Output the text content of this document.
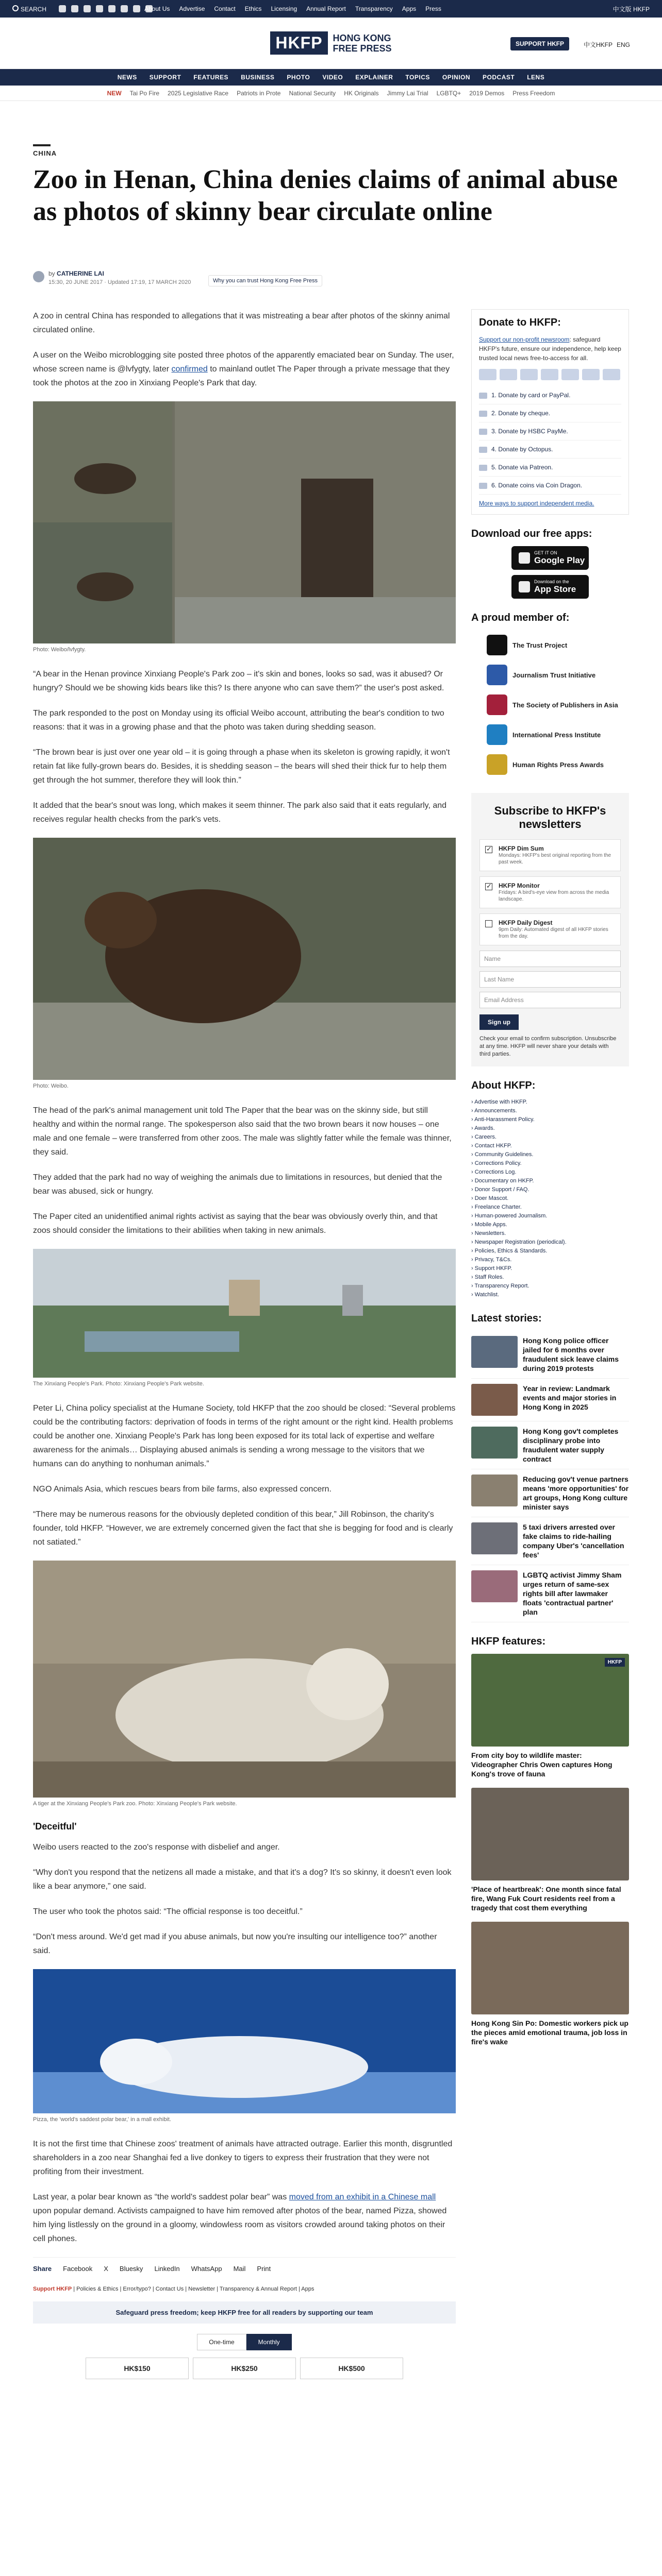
SEARCH	About Us Advertise Contact Ethics Licensing Annual Report Transparency Apps Press	中文版 HKFP
HKFP	HONG KONG
FREE PRESS	SUPPORT HKFP	中文HKFP ENG
NEWS SUPPORT FEATURES BUSINESS PHOTO VIDEO EXPLAINER TOPICS OPINION PODCAST LENS
NEW Tai Po Fire 2025 Legislative Race Patriots in Prote National Security HK Originals Jimmy Lai Trial LGBTQ+ 2019 Demos Press Freedom
CHINA
Zoo in Henan, China denies claims of animal abuse as photos of skinny bear circulate online
by CATHERINE LAI
15:30, 20 JUNE 2017 · Updated 17:19, 17 MARCH 2020	Why you can trust Hong Kong Free Press

A zoo in central China has responded to allegations that it was mistreating a bear after photos of the skinny animal circulated online.

A user on the Weibo microblogging site posted three photos of the apparently emaciated bear on Sunday. The user, whose screen name is @lvfygty, later confirmed to mainland outlet The Paper through a private message that they took the photos at the zoo in Xinxiang People's Park that day.

Photo: Weibo/lvfygty.

“A bear in the Henan province Xinxiang People's Park zoo – it's skin and bones, looks so sad, was it abused? Or hungry? Should we be showing kids bears like this? Is there anyone who can save them?” the user's post asked.

The park responded to the post on Monday using its official Weibo account, attributing the bear's condition to two reasons: that it was in a growing phase and that the photo was taken during shedding season.

“The brown bear is just over one year old – it is going through a phase when its skeleton is growing rapidly, it won't retain fat like fully-grown bears do. Besides, it is shedding season – the bears will shed their thick fur to help them get through the hot summer, therefore they will look thin.”

It added that the bear's snout was long, which makes it seem thinner. The park also said that it eats regularly, and receives regular health checks from the park's vets.

Photo: Weibo.

The head of the park's animal management unit told The Paper that the bear was on the skinny side, but still healthy and within the normal range. The spokesperson also said that the two brown bears it now houses – one male and one female – were transferred from other zoos. The male was slightly fatter while the female was thinner, they said.

They added that the park had no way of weighing the animals due to limitations in resources, but denied that the bear was abused, sick or hungry.

The Paper cited an unidentified animal rights activist as saying that the bear was obviously overly thin, and that zoos should consider the limitations to their abilities when taking in new animals.

The Xinxiang People's Park. Photo: Xinxiang People's Park website.

Peter Li, China policy specialist at the Humane Society, told HKFP that the zoo should be closed: “Several problems could be the contributing factors: deprivation of foods in terms of the right amount or the right kind. Health problems could be another one. Xinxiang People's Park has long been exposed for its total lack of expertise and welfare awareness for the animals… Displaying abused animals is sending a wrong message to the visitors that we humans can do anything to nonhuman animals.”

NGO Animals Asia, which rescues bears from bile farms, also expressed concern.

“There may be numerous reasons for the obviously depleted condition of this bear,” Jill Robinson, the charity's founder, told HKFP. “However, we are extremely concerned given the fact that she is begging for food and is clearly not satiated.”

A tiger at the Xinxiang People's Park zoo. Photo: Xinxiang People's Park website.
'Deceitful'

Weibo users reacted to the zoo's response with disbelief and anger.

“Why don't you respond that the netizens all made a mistake, and that it's a dog? It's so skinny, it doesn't even look like a bear anymore,” one said.

The user who took the photos said: “The official response is too deceitful.”

“Don't mess around. We'd get mad if you abuse animals, but now you're insulting our intelligence too?” another said.

Pizza, the 'world's saddest polar bear,' in a mall exhibit.

It is not the first time that Chinese zoos' treatment of animals have attracted outrage. Earlier this month, disgruntled shareholders in a zoo near Shanghai fed a live donkey to tigers to express their frustration that they were not profiting from their investment.

Last year, a polar bear known as “the world's saddest polar bear” was moved from an exhibit in a Chinese mall upon popular demand. Activists campaigned to have him removed after photos of the bear, named Pizza, showed him lying listlessly on the ground in a gloomy, windowless room as visitors crowded around taking photos on their cell phones.

Share Facebook X Bluesky LinkedIn WhatsApp Mail Print
Support HKFP | Policies & Ethics | Error/typo? | Contact Us | Newsletter | Transparency & Annual Report | Apps
Safeguard press freedom; keep HKFP free for all readers by supporting our team
One-time	Monthly
HK$150	HK$250	HK$500
Donate to HKFP:

Support our non-profit newsroom: safeguard HKFP's future, ensure our independence, help keep trusted local news free-to-access for all.

1. Donate by card or PayPal.
2. Donate by cheque.
3. Donate by HSBC PayMe.
4. Donate by Octopus.
5. Donate via Patreon.
6. Donate coins via Coin Dragon.
More ways to support independent media.
Download our free apps:
GET IT ON
Google Play
Download on the
App Store
A proud member of:
The Trust Project
Journalism Trust Initiative
The Society of Publishers in Asia
International Press Institute
Human Rights Press Awards
Subscribe to HKFP's newsletters
✓
HKFP Dim Sum
Mondays: HKFP's best original reporting from the past week.
✓
HKFP Monitor
Fridays: A bird's-eye view from across the media landscape.
HKFP Daily Digest
9pm Daily: Automated digest of all HKFP stories from the day.
Name
Last Name
Email Address
Sign up
Check your email to confirm subscription. Unsubscribe at any time. HKFP will never share your details with third parties.
About HKFP:
› Advertise with HKFP.
› Announcements.
› Anti-Harassment Policy.
› Awards.
› Careers.
› Contact HKFP.
› Community Guidelines.
› Corrections Policy.
› Corrections Log.
› Documentary on HKFP.
› Donor Support / FAQ.
› Doer Mascot.
› Freelance Charter.
› Human-powered Journalism.
› Mobile Apps.
› Newsletters.
› Newspaper Registration (periodical).
› Policies, Ethics & Standards.
› Privacy, T&Cs.
› Support HKFP.
› Staff Roles.
› Transparency Report.
› Watchlist.
Latest stories:
Hong Kong police officer jailed for 6 months over fraudulent sick leave claims during 2019 protests
Year in review: Landmark events and major stories in Hong Kong in 2025
Hong Kong gov't completes disciplinary probe into fraudulent water supply contract
Reducing gov't venue partners means 'more opportunities' for art groups, Hong Kong culture minister says
5 taxi drivers arrested over fake claims to ride-hailing company Uber's 'cancellation fees'
LGBTQ activist Jimmy Sham urges return of same-sex rights bill after lawmaker floats 'contractual partner' plan
HKFP features:
HKFP
From city boy to wildlife master: Videographer Chris Owen captures Hong Kong's trove of fauna
'Place of heartbreak': One month since fatal fire, Wang Fuk Court residents reel from a tragedy that cost them everything
Hong Kong Sin Po: Domestic workers pick up the pieces amid emotional trauma, job loss in fire's wake
